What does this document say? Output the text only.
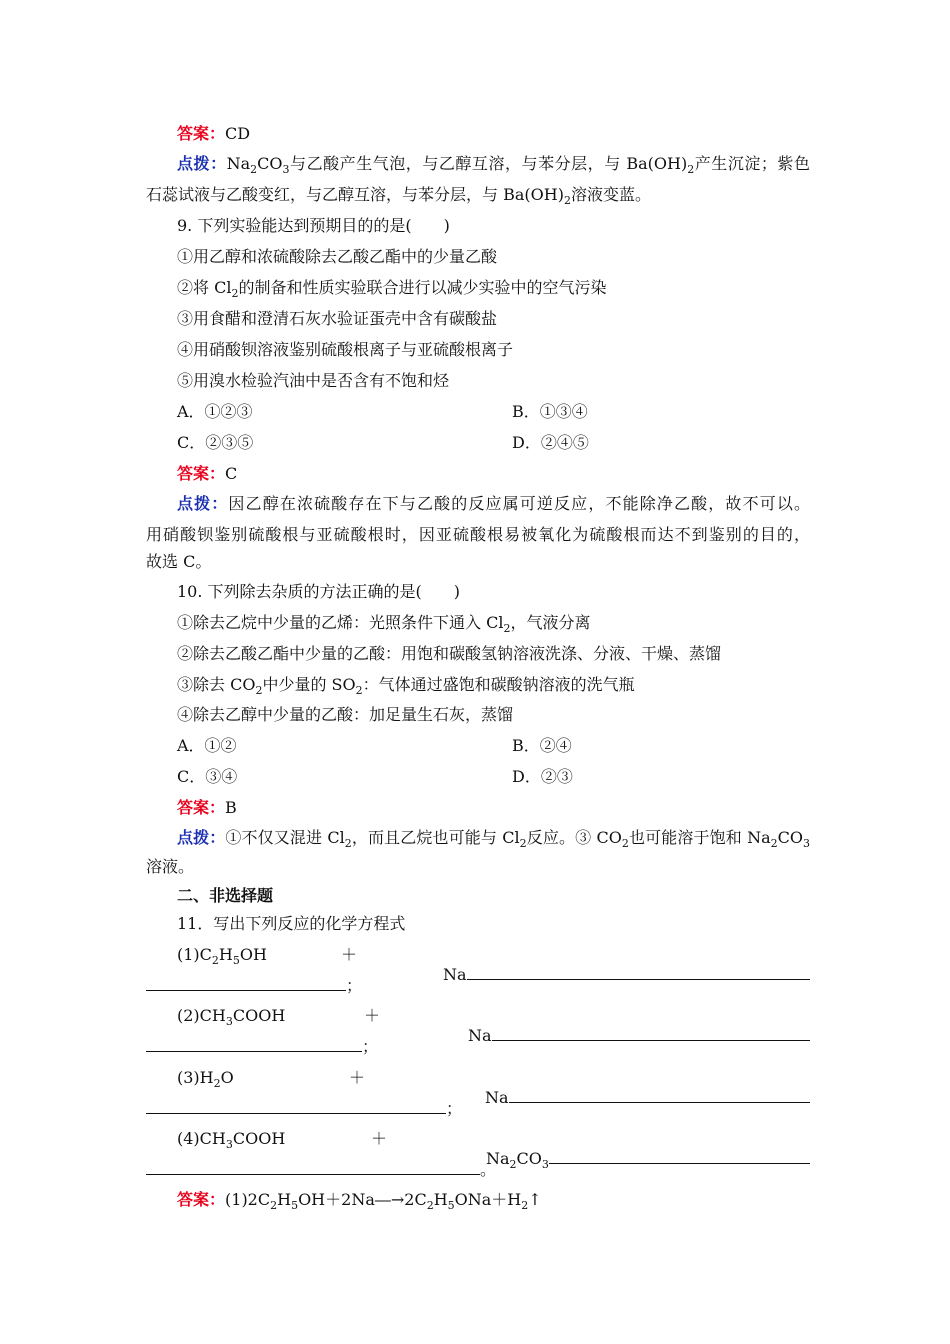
答案：CD
点拨：$Na_2CO_3$与乙酸产生气泡，与乙醇互溶，与苯分层，与 $Ba(OH)_2$产生沉淀；紫色
石蕊试液与乙酸变红，与乙醇互溶，与苯分层，与 $Ba(OH)_2$溶液变蓝。
9. 下列实验能达到预期目的的是(　　)
①用乙醇和浓硫酸除去乙酸乙酯中的少量乙酸
②将 $Cl_2$的制备和性质实验联合进行以减少实验中的空气污染
③用食醋和澄清石灰水验证蛋壳中含有碳酸盐
④用硝酸钡溶液鉴别硫酸根离子与亚硫酸根离子
⑤用溴水检验汽油中是否含有不饱和烃
A．①②③	B．①③④
C．②③⑤	D．②④⑤
答案：C
点拨：因乙醇在浓硫酸存在下与乙酸的反应属可逆反应，不能除净乙酸，故不可以。
用硝酸钡鉴别硫酸根与亚硫酸根时，因亚硫酸根易被氧化为硫酸根而达不到鉴别的目的，
故选 C。
10. 下列除去杂质的方法正确的是(　　)
①除去乙烷中少量的乙烯：光照条件下通入 $Cl_2$，气液分离
②除去乙酸乙酯中少量的乙酸：用饱和碳酸氢钠溶液洗涤、分液、干燥、蒸馏
③除去 $CO_2$中少量的 $SO_2$：气体通过盛饱和碳酸钠溶液的洗气瓶
④除去乙醇中少量的乙酸：加足量生石灰，蒸馏
A．①②	B．②④
C．③④	D．②③
答案：B
点拨：①不仅又混进 $Cl_2$，而且乙烷也可能与 $Cl_2$反应。③ $CO_2$也可能溶于饱和 $Na_2CO_3$
溶液。
二、非选择题
11．写出下列反应的化学方程式
$(1)C_2H_5OH$	＋
Na
；
$(2)CH_3COOH$	＋
Na
；
$(3)H_2O$	＋
Na
；
$(4)CH_3COOH$	＋
$Na_2CO_3$
。
答案：$(1)2C_2H_5OH+2Na―\to 2C_2H_5ONa+H_2↑$
